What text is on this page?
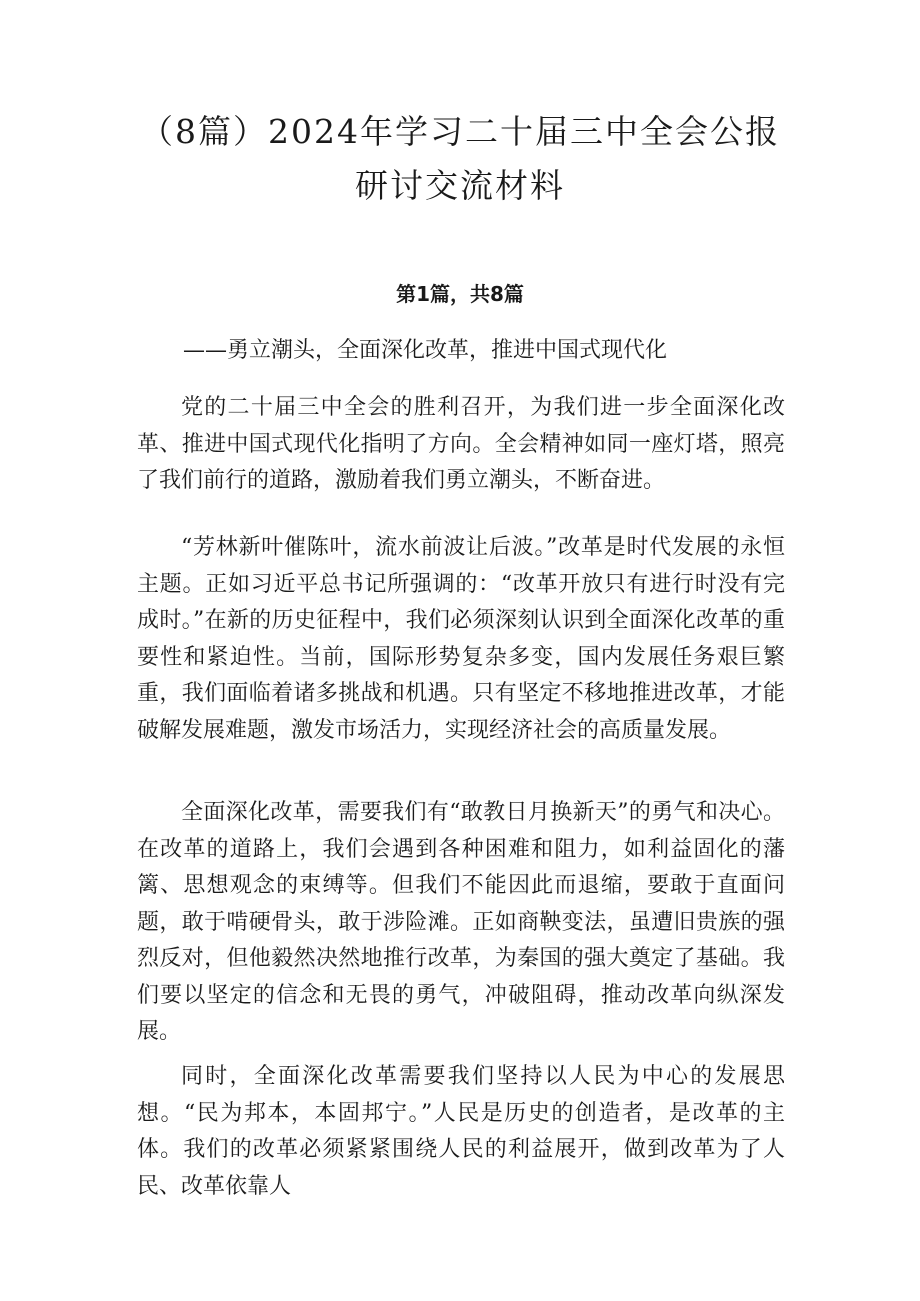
（8篇）2024年学习二十届三中全会公报
研讨交流材料
第1篇，共8篇
——勇立潮头，全面深化改革，推进中国式现代化

党的二十届三中全会的胜利召开，为我们进一步全面深化改革、推进中国式现代化指明了方向。全会精神如同一座灯塔，照亮了我们前行的道路，激励着我们勇立潮头，不断奋进。

“芳林新叶催陈叶，流水前波让后波。”改革是时代发展的永恒主题。正如习近平总书记所强调的：“改革开放只有进行时没有完成时。”在新的历史征程中，我们必须深刻认识到全面深化改革的重要性和紧迫性。当前，国际形势复杂多变，国内发展任务艰巨繁重，我们面临着诸多挑战和机遇。只有坚定不移地推进改革，才能破解发展难题，激发市场活力，实现经济社会的高质量发展。

全面深化改革，需要我们有“敢教日月换新天”的勇气和决心。在改革的道路上，我们会遇到各种困难和阻力，如利益固化的藩篱、思想观念的束缚等。但我们不能因此而退缩，要敢于直面问题，敢于啃硬骨头，敢于涉险滩。正如商鞅变法，虽遭旧贵族的强烈反对，但他毅然决然地推行改革，为秦国的强大奠定了基础。我们要以坚定的信念和无畏的勇气，冲破阻碍，推动改革向纵深发展。

同时，全面深化改革需要我们坚持以人民为中心的发展思想。“民为邦本，本固邦宁。”人民是历史的创造者，是改革的主体。我们的改革必须紧紧围绕人民的利益展开，做到改革为了人民、改革依靠人
